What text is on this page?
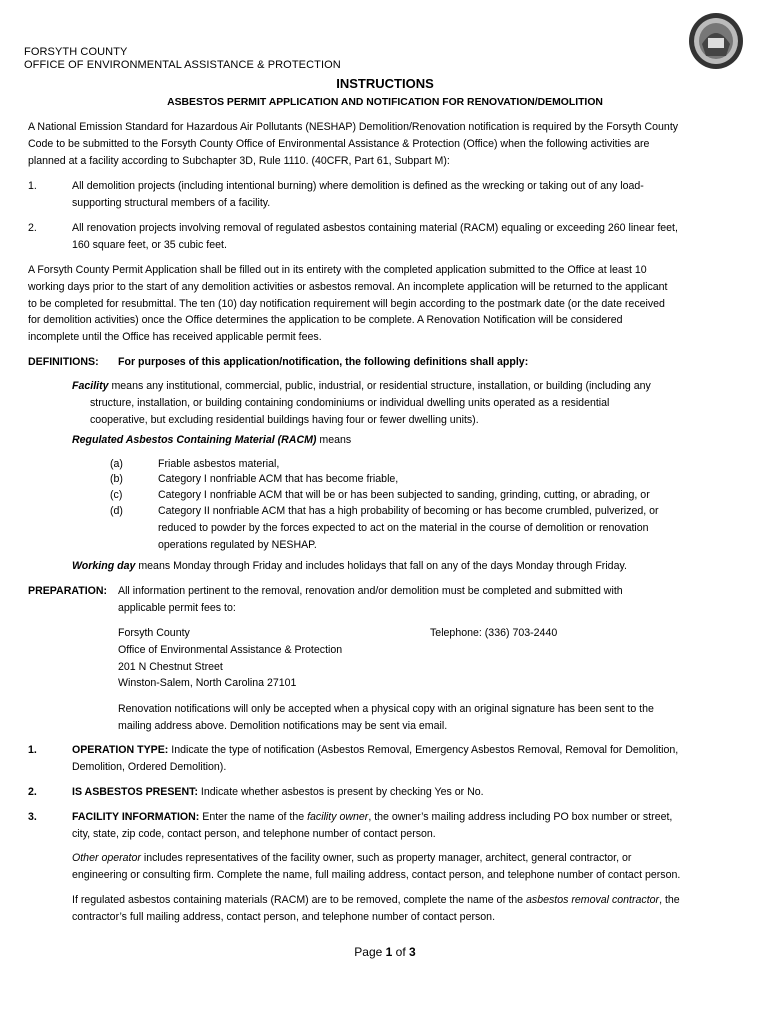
FORSYTH COUNTY
OFFICE OF ENVIRONMENTAL ASSISTANCE & PROTECTION
INSTRUCTIONS
ASBESTOS PERMIT APPLICATION AND NOTIFICATION FOR RENOVATION/DEMOLITION
A National Emission Standard for Hazardous Air Pollutants (NESHAP) Demolition/Renovation notification is required by the Forsyth County
Code to be submitted to the Forsyth County Office of Environmental Assistance & Protection (Office) when the following activities are
planned at a facility according to Subchapter 3D, Rule 1110. (40CFR, Part 61, Subpart M):
1.	All demolition projects (including intentional burning) where demolition is defined as the wrecking or taking out of any load-
supporting structural members of a facility.
2.	All renovation projects involving removal of regulated asbestos containing material (RACM) equaling or exceeding 260 linear feet,
160 square feet, or 35 cubic feet.
A Forsyth County Permit Application shall be filled out in its entirety with the completed application submitted to the Office at least 10
working days prior to the start of any demolition activities or asbestos removal. An incomplete application will be returned to the applicant
to be completed for resubmittal. The ten (10) day notification requirement will begin according to the postmark date (or the date received
for demolition activities) once the Office determines the application to be complete. A Renovation Notification will be considered
incomplete until the Office has received applicable permit fees.
DEFINITIONS: For purposes of this application/notification, the following definitions shall apply:
Facility means any institutional, commercial, public, industrial, or residential structure, installation, or building (including any
structure, installation, or building containing condominiums or individual dwelling units operated as a residential
cooperative, but excluding residential buildings having four or fewer dwelling units).
Regulated Asbestos Containing Material (RACM) means
(a)	Friable asbestos material,
(b)	Category I nonfriable ACM that has become friable,
(c)	Category I nonfriable ACM that will be or has been subjected to sanding, grinding, cutting, or abrading, or
(d)	Category II nonfriable ACM that has a high probability of becoming or has become crumbled, pulverized, or
reduced to powder by the forces expected to act on the material in the course of demolition or renovation
operations regulated by NESHAP.
Working day means Monday through Friday and includes holidays that fall on any of the days Monday through Friday.
PREPARATION: All information pertinent to the removal, renovation and/or demolition must be completed and submitted with
applicable permit fees to:
Forsyth County
Office of Environmental Assistance & Protection
201 N Chestnut Street
Winston-Salem, North Carolina 27101
Telephone: (336) 703-2440
Renovation notifications will only be accepted when a physical copy with an original signature has been sent to the
mailing address above. Demolition notifications may be sent via email.
1.	OPERATION TYPE: Indicate the type of notification (Asbestos Removal, Emergency Asbestos Removal, Removal for Demolition,
Demolition, Ordered Demolition).
2.	IS ASBESTOS PRESENT: Indicate whether asbestos is present by checking Yes or No.
3.	FACILITY INFORMATION: Enter the name of the facility owner, the owner’s mailing address including PO box number or street,
city, state, zip code, contact person, and telephone number of contact person.
Other operator includes representatives of the facility owner, such as property manager, architect, general contractor, or
engineering or consulting firm. Complete the name, full mailing address, contact person, and telephone number of contact person.
If regulated asbestos containing materials (RACM) are to be removed, complete the name of the asbestos removal contractor, the
contractor’s full mailing address, contact person, and telephone number of contact person.
Page 1 of 3
